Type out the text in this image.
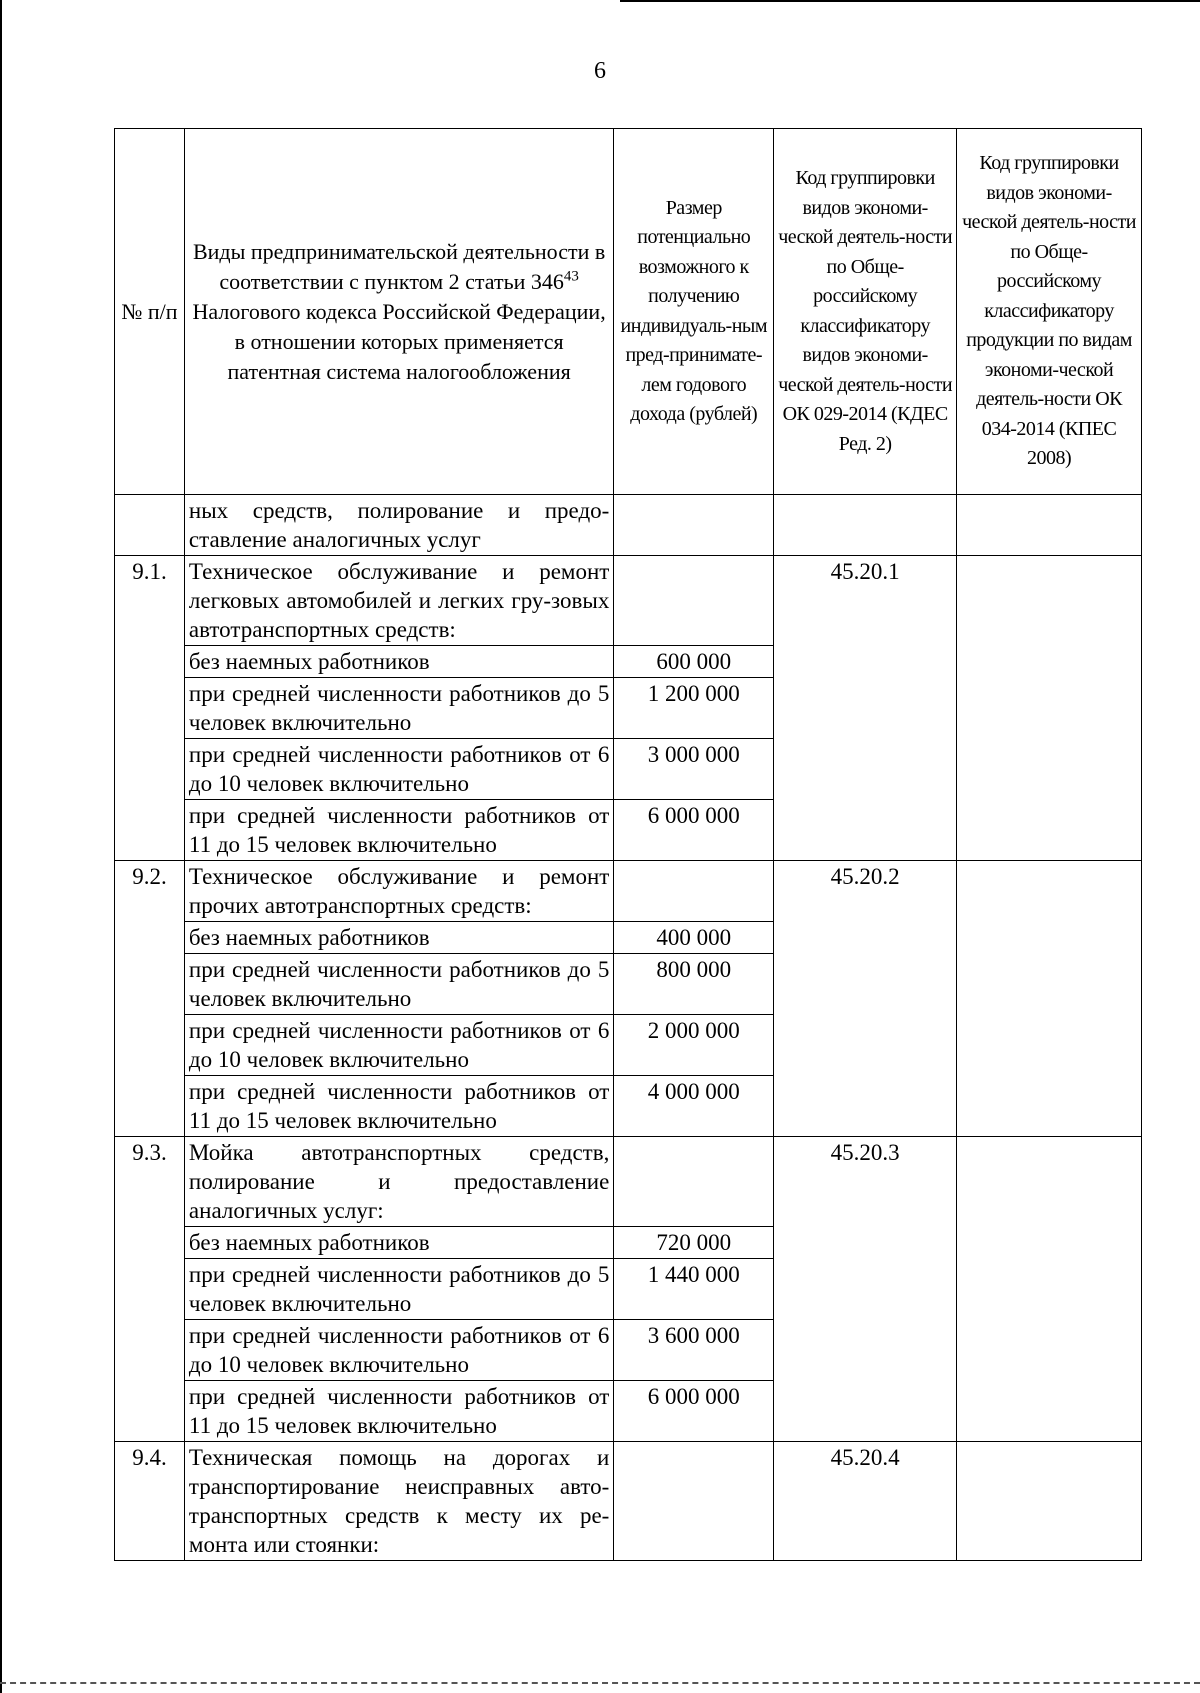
6
№ п/п	Виды предпринимательской деятельности в соответствии с пунктом 2 статьи $346^{43}$ Налогового кодекса Российской Федерации, в отношении которых применяется патентная система налогообложения	Размер потенциально возможного к получению индивидуаль-ным пред-принимате-лем годового дохода (рублей)	Код группировки видов экономи-ческой деятель-ности по Обще-российскому классификатору видов экономи-ческой деятель-ности ОК 029-2014 (КДЕС Ред. 2)	Код группировки видов экономи-ческой деятель-ности по Обще-российскому классификатору продукции по видам экономи-ческой деятель-ности ОК 034-2014 (КПЕС 2008)
	ных средств, полирование и предо-ставление аналогичных услуг			
9.1.	Техническое обслуживание и ремонт легковых автомобилей и легких гру-зовых автотранспортных средств:		45.20.1	
	без наемных работников	600 000		
	при средней численности работников до 5 человек включительно	1 200 000		
	при средней численности работников от 6 до 10 человек включительно	3 000 000		
	при средней численности работников от 11 до 15 человек включительно	6 000 000		
9.2.	Техническое обслуживание и ремонт прочих автотранспортных средств:		45.20.2	
	без наемных работников	400 000		
	при средней численности работников до 5 человек включительно	800 000		
	при средней численности работников от 6 до 10 человек включительно	2 000 000		
	при средней численности работников от 11 до 15 человек включительно	4 000 000		
9.3.	Мойка автотранспортных средств, полирование и предоставление аналогичных услуг:		45.20.3	
	без наемных работников	720 000		
	при средней численности работников до 5 человек включительно	1 440 000		
	при средней численности работников от 6 до 10 человек включительно	3 600 000		
	при средней численности работников от 11 до 15 человек включительно	6 000 000		
9.4.	Техническая помощь на дорогах и транспортирование неисправных авто-транспортных средств к месту их ре-монта или стоянки:		45.20.4	
